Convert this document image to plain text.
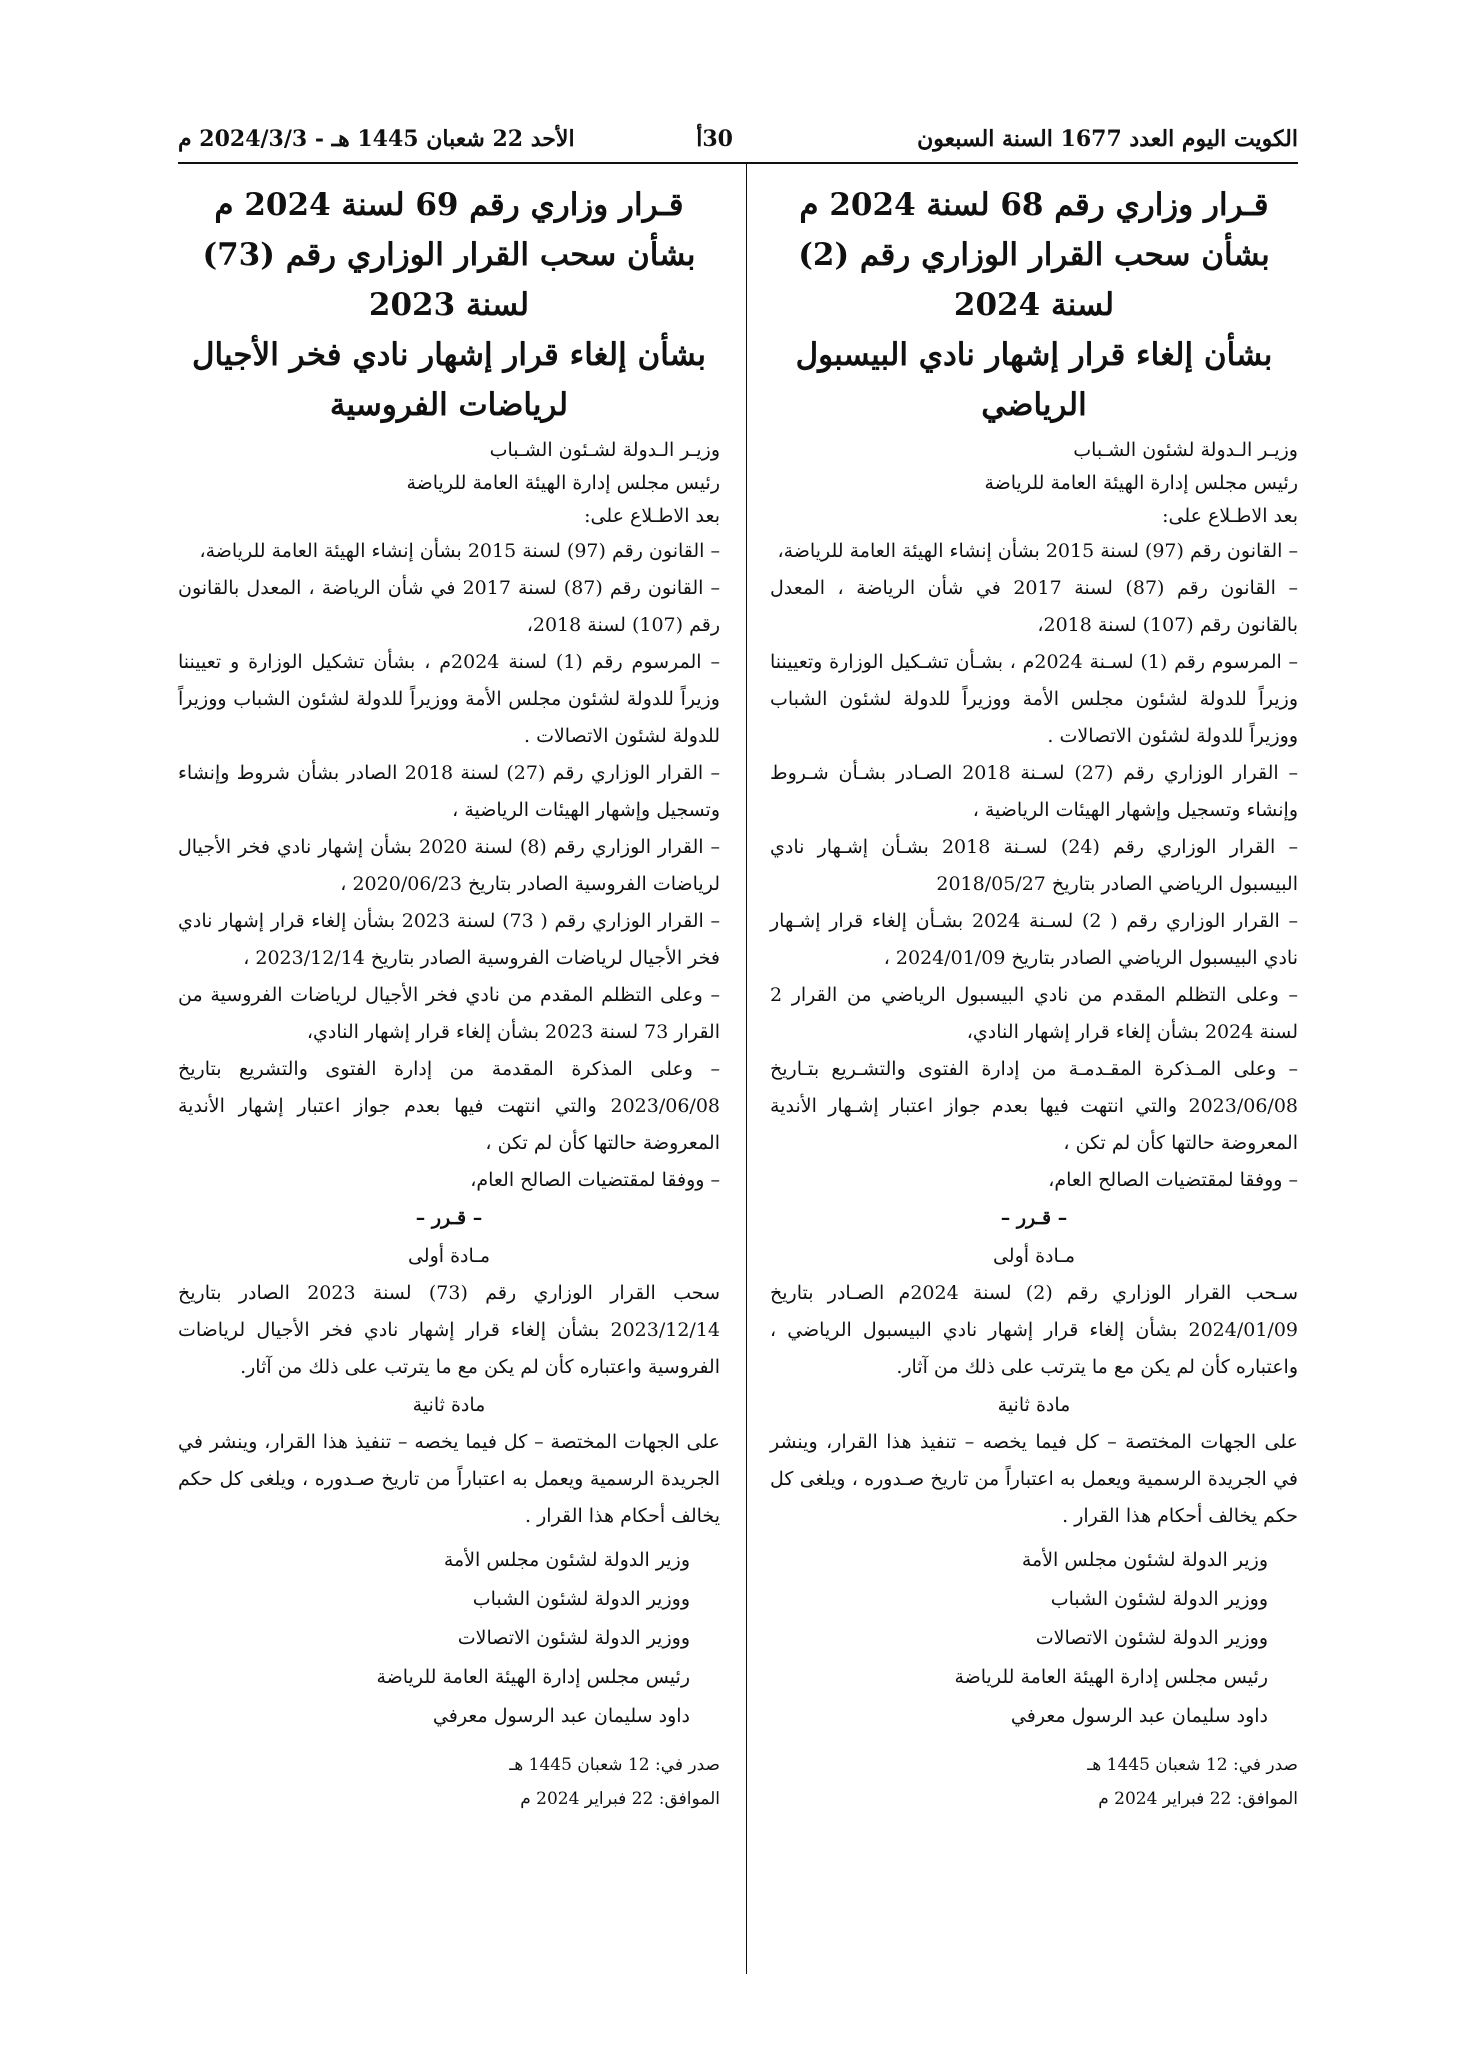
الكويت اليوم العدد 1677 السنة السبعون
30أ
الأحد 22 شعبان 1445 هـ - 2024/3/3 م

قـرار وزاري رقم 68 لسنة 2024 م

بشأن سحب القرار الوزاري رقم (2) لسنة 2024

بشأن إلغاء قرار إشهار نادي البيسبول الرياضي

وزيـر الـدولة لشئون الشـباب
رئيس مجلس إدارة الهيئة العامة للرياضة
بعد الاطـلاع على:

– القانون رقم (97) لسنة 2015 بشأن إنشاء الهيئة العامة للرياضة،

– القانون رقم (87) لسنة 2017 في شأن الرياضة ، المعدل بالقانون رقم (107) لسنة 2018،

– المرسوم رقم (1) لسـنة 2024م ، بشـأن تشـكيل الوزارة وتعييننا وزيراً للدولة لشئون مجلس الأمة ووزيراً للدولة لشئون الشباب ووزيراً للدولة لشئون الاتصالات .

– القرار الوزاري رقم (27) لسـنة 2018 الصـادر بشـأن شـروط وإنشاء وتسجيل وإشهار الهيئات الرياضية ،

– القرار الوزاري رقم (24) لسـنة 2018 بشـأن إشـهار نادي البيسبول الرياضي الصادر بتاريخ 2018/05/27

– القرار الوزاري رقم ( 2) لسـنة 2024 بشـأن إلغاء قرار إشـهار نادي البيسبول الرياضي الصادر بتاريخ 2024/01/09 ،

– وعلى التظلم المقدم من نادي البيسبول الرياضي من القرار 2 لسنة 2024 بشأن إلغاء قرار إشهار النادي،

– وعلى المـذكرة المقـدمـة من إدارة الفتوى والتشـريع بتـاريخ 2023/06/08 والتي انتهت فيها بعدم جواز اعتبار إشـهار الأندية المعروضة حالتها كأن لم تكن ،

– ووفقا لمقتضيات الصالح العام،

– قـرر –

مـادة أولى

سـحب القرار الوزاري رقم (2) لسنة 2024م الصـادر بتاريخ 2024/01/09 بشأن إلغاء قرار إشهار نادي البيسبول الرياضي ، واعتباره كأن لم يكن مع ما يترتب على ذلك من آثار.

مادة ثانية

على الجهات المختصة – كل فيما يخصه – تنفيذ هذا القرار، وينشر في الجريدة الرسمية ويعمل به اعتباراً من تاريخ صـدوره ، ويلغى كل حكم يخالف أحكام هذا القرار .

وزير الدولة لشئون مجلس الأمة
ووزير الدولة لشئون الشباب
ووزير الدولة لشئون الاتصالات
رئيس مجلس إدارة الهيئة العامة للرياضة
داود سليمان عبد الرسول معرفي
صدر في: 12 شعبان 1445 هـ
الموافق: 22 فبراير 2024 م

قـرار وزاري رقم 69 لسنة 2024 م

بشأن سحب القرار الوزاري رقم (73) لسنة 2023

بشأن إلغاء قرار إشهار نادي فخر الأجيال

لرياضات الفروسية

وزيـر الـدولة لشـئون الشـباب
رئيس مجلس إدارة الهيئة العامة للرياضة
بعد الاطـلاع على:

– القانون رقم (97) لسنة 2015 بشأن إنشاء الهيئة العامة للرياضة،

– القانون رقم (87) لسنة 2017 في شأن الرياضة ، المعدل بالقانون رقم (107) لسنة 2018،

– المرسوم رقم (1) لسنة 2024م ، بشأن تشكيل الوزارة و تعييننا وزيراً للدولة لشئون مجلس الأمة ووزيراً للدولة لشئون الشباب ووزيراً للدولة لشئون الاتصالات .

– القرار الوزاري رقم (27) لسنة 2018 الصادر بشأن شروط وإنشاء وتسجيل وإشهار الهيئات الرياضية ،

– القرار الوزاري رقم (8) لسنة 2020 بشأن إشهار نادي فخر الأجيال لرياضات الفروسية الصادر بتاريخ 2020/06/23 ،

– القرار الوزاري رقم ( 73) لسنة 2023 بشأن إلغاء قرار إشهار نادي فخر الأجيال لرياضات الفروسية الصادر بتاريخ 2023/12/14 ،

– وعلى التظلم المقدم من نادي فخر الأجيال لرياضات الفروسية من القرار 73 لسنة 2023 بشأن إلغاء قرار إشهار النادي،

– وعلى المذكرة المقدمة من إدارة الفتوى والتشريع بتاريخ 2023/06/08 والتي انتهت فيها بعدم جواز اعتبار إشهار الأندية المعروضة حالتها كأن لم تكن ،

– ووفقا لمقتضيات الصالح العام،

– قـرر –

مـادة أولى

سحب القرار الوزاري رقم (73) لسنة 2023 الصادر بتاريخ 2023/12/14 بشأن إلغاء قرار إشهار نادي فخر الأجيال لرياضات الفروسية واعتباره كأن لم يكن مع ما يترتب على ذلك من آثار.

مادة ثانية

على الجهات المختصة – كل فيما يخصه – تنفيذ هذا القرار، وينشر في الجريدة الرسمية ويعمل به اعتباراً من تاريخ صـدوره ، ويلغى كل حكم يخالف أحكام هذا القرار .

وزير الدولة لشئون مجلس الأمة
ووزير الدولة لشئون الشباب
ووزير الدولة لشئون الاتصالات
رئيس مجلس إدارة الهيئة العامة للرياضة
داود سليمان عبد الرسول معرفي
صدر في: 12 شعبان 1445 هـ
الموافق: 22 فبراير 2024 م
